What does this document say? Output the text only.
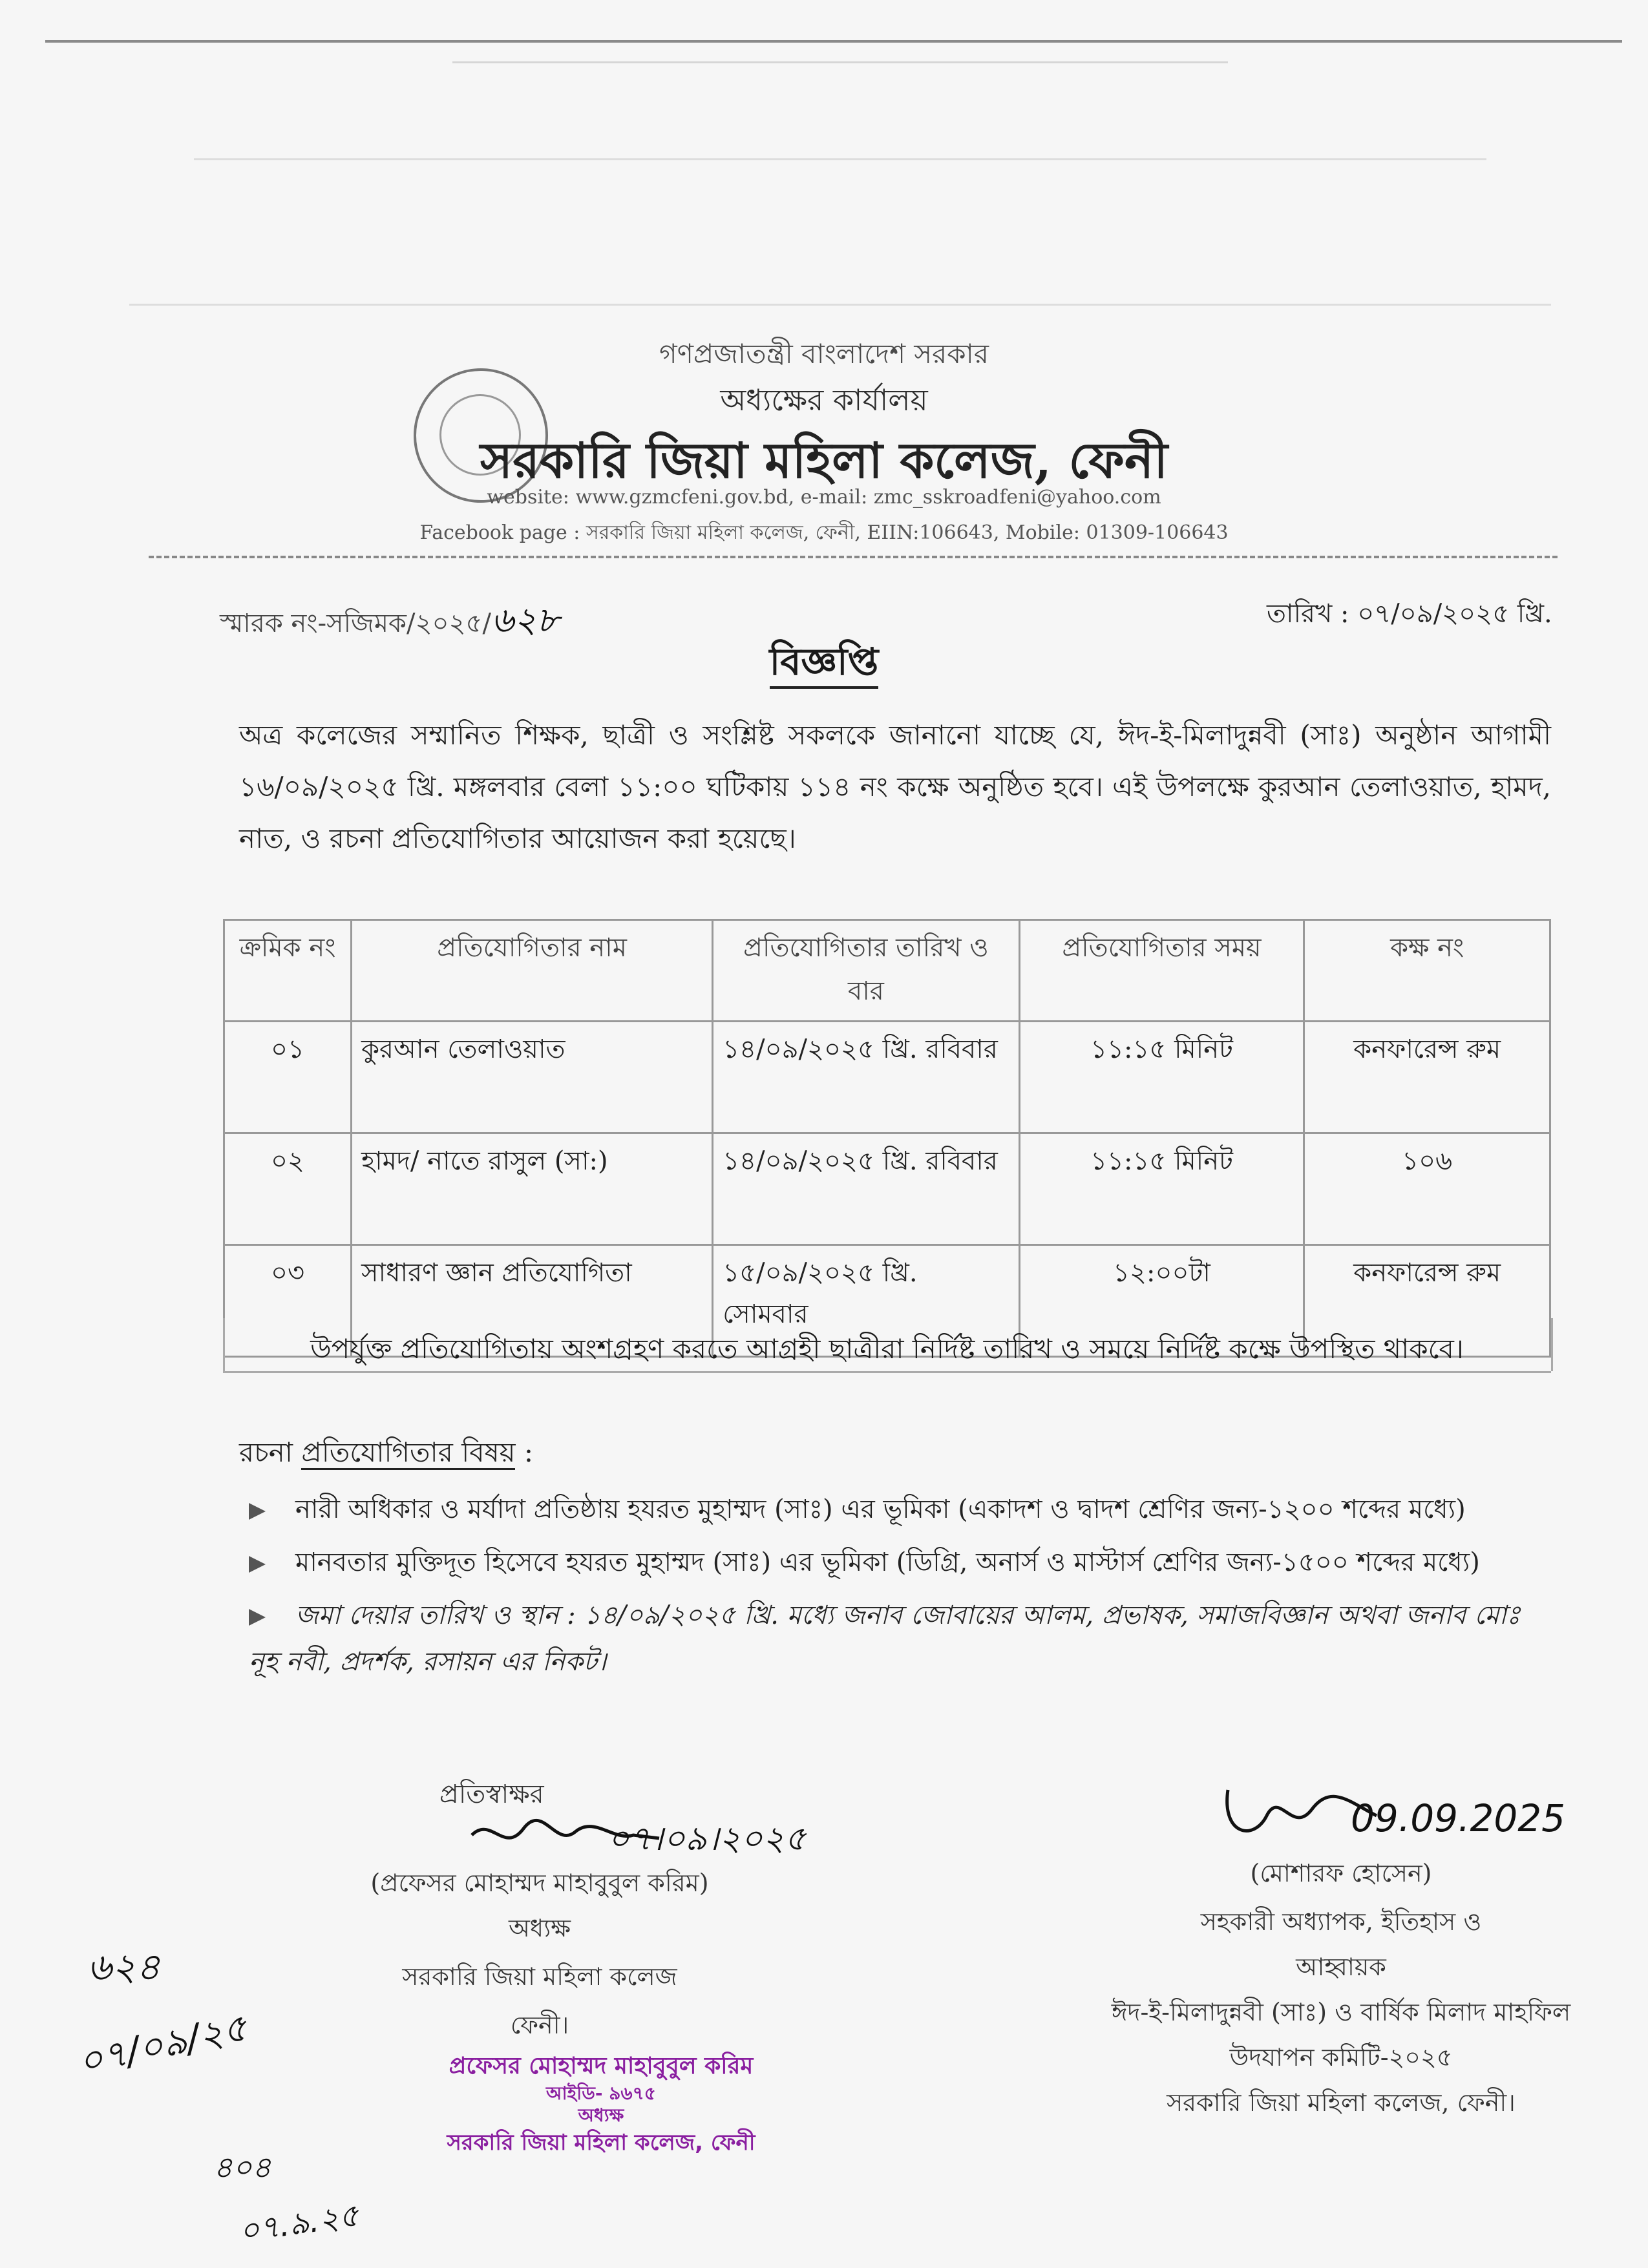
গণপ্রজাতন্ত্রী বাংলাদেশ সরকার
অধ্যক্ষের কার্যালয়
সরকারি জিয়া মহিলা কলেজ, ফেনী
website: www.gzmcfeni.gov.bd, e-mail: zmc_sskroadfeni@yahoo.com
Facebook page : সরকারি জিয়া মহিলা কলেজ, ফেনী, EIIN:106643, Mobile: 01309-106643
স্মারক নং-সজিমক/২০২৫/৬২৮	তারিখ : ০৭/০৯/২০২৫ খ্রি.
বিজ্ঞপ্তি
অত্র কলেজের সম্মানিত শিক্ষক, ছাত্রী ও সংশ্লিষ্ট সকলকে জানানো যাচ্ছে যে, ঈদ-ই-মিলাদুন্নবী (সাঃ) অনুষ্ঠান আগামী ১৬/০৯/২০২৫ খ্রি. মঙ্গলবার বেলা ১১:০০ ঘটিকায় ১১৪ নং কক্ষে অনুষ্ঠিত হবে। এই উপলক্ষে কুরআন তেলাওয়াত, হামদ, নাত, ও রচনা প্রতিযোগিতার আয়োজন করা হয়েছে।
ক্রমিক নং	প্রতিযোগিতার নাম	প্রতিযোগিতার তারিখ ও বার	প্রতিযোগিতার সময়	কক্ষ নং
০১	কুরআন তেলাওয়াত	১৪/০৯/২০২৫ খ্রি. রবিবার	১১:১৫ মিনিট	কনফারেন্স রুম
০২	হামদ/ নাতে রাসুল (সা:)	১৪/০৯/২০২৫ খ্রি. রবিবার	১১:১৫ মিনিট	১০৬
০৩	সাধারণ জ্ঞান প্রতিযোগিতা	১৫/০৯/২০২৫ খ্রি. সোমবার	১২:০০টা	কনফারেন্স রুম
উপর্যুক্ত প্রতিযোগিতায় অংশগ্রহণ করতে আগ্রহী ছাত্রীরা নির্দিষ্ট তারিখ ও সময়ে নির্দিষ্ট কক্ষে উপস্থিত থাকবে।
রচনা প্রতিযোগিতার বিষয় :
নারী অধিকার ও মর্যাদা প্রতিষ্ঠায় হযরত মুহাম্মদ (সাঃ) এর ভূমিকা (একাদশ ও দ্বাদশ শ্রেণির জন্য-১২০০ শব্দের মধ্যে)
মানবতার মুক্তিদূত হিসেবে হযরত মুহাম্মদ (সাঃ) এর ভূমিকা (ডিগ্রি, অনার্স ও মাস্টার্স শ্রেণির জন্য-১৫০০ শব্দের মধ্যে)
জমা দেয়ার তারিখ ও স্থান : ১৪/০৯/২০২৫ খ্রি. মধ্যে জনাব জোবায়ের আলম, প্রভাষক, সমাজবিজ্ঞান অথবা জনাব মোঃ নূহ নবী, প্রদর্শক, রসায়ন এর নিকট।
প্রতিস্বাক্ষর
০৭।০৯।২০২৫
(প্রফেসর মোহাম্মদ মাহাবুবুল করিম)
অধ্যক্ষ
সরকারি জিয়া মহিলা কলেজ
ফেনী।
প্রফেসর মোহাম্মদ মাহাবুবুল করিম
আইডি- ৯৬৭৫
অধ্যক্ষ
সরকারি জিয়া মহিলা কলেজ, ফেনী
09.09.2025
(মোশারফ হোসেন)
সহকারী অধ্যাপক, ইতিহাস ও
আহ্বায়ক
ঈদ-ই-মিলাদুন্নবী (সাঃ) ও বার্ষিক মিলাদ মাহফিল
উদযাপন কমিটি-২০২৫
সরকারি জিয়া মহিলা কলেজ, ফেনী।
৬২৪
০৭/০৯/২৫
৪০৪
০৭.৯.২৫
